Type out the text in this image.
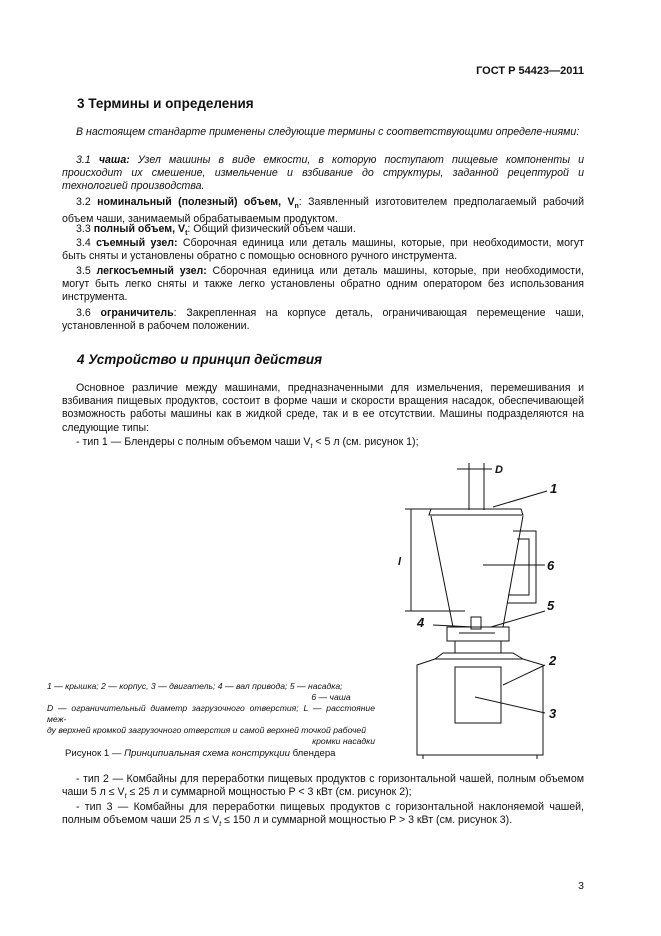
ГОСТ Р 54423—2011
3 Термины и определения
В настоящем стандарте применены следующие термины с соответствующими определе-ниями:
3.1 чаша: Узел машины в виде емкости, в которую поступают пищевые компоненты и происходит их смешение, измельчение и взбивание до структуры, заданной рецептурой и технологией производства.
3.2 номинальный (полезный) объем, $V_n$: Заявленный изготовителем предполагаемый рабочий объем чаши, занимаемый обрабатываемым продуктом.
3.3 полный объем, $V_t$: Общий физический объем чаши.
3.4 съемный узел: Сборочная единица или деталь машины, которые, при необходимости, могут быть сняты и установлены обратно с помощью основного ручного инструмента.
3.5 легкосъемный узел: Сборочная единица или деталь машины, которые, при необходимости, могут быть легко сняты и также легко установлены обратно одним оператором без использования инструмента.
3.6 ограничитель: Закрепленная на корпусе деталь, ограничивающая перемещение чаши, установленной в рабочем положении.
4 Устройство и принцип действия
Основное различие между машинами, предназначенными для измельчения, перемешивания и взбивания пищевых продуктов, состоит в форме чаши и скорости вращения насадок, обеспечивающей возможность работы машины как в жидкой среде, так и в ее отсутствии. Машины подразделяются на следующие типы:
- тип 1 — Блендеры с полным объемом чаши $V_t < 5$ л (см. рисунок 1);
1
2
3
4
5
6
D
l
1 — крышка; 2 — корпус, 3 — двигатель; 4 — вал привода; 5 — насадка;
6 — чаша
D — ограничительный диаметр загрузочного отверстия; L — расстояние меж-
ду верхней кромкой загрузочного отверстия и самой верхней точкой рабочей
кромки насадки
Рисунок 1 — Принципиальная схема конструкции блендера
- тип 2 — Комбайны для переработки пищевых продуктов с горизонтальной чашей, полным объемом чаши 5 $л \le V_t \le 25$ л и суммарной мощностью P < 3 кВт (см. рисунок 2);
- тип 3 — Комбайны для переработки пищевых продуктов с горизонтальной наклоняемой чашей, полным объемом чаши 25 $л \le V_t \le 150$ л и суммарной мощностью P > 3 кВт (см. рисунок 3).
3
